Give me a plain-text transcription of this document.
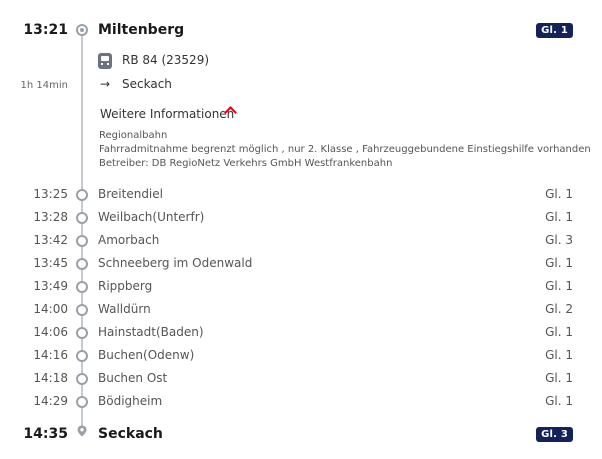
13:21 Miltenberg	Gl. 1
RB 84 (23529)
1h 14min	→ Seckach
Weitere Informationen
Regionalbahn
Fahrradmitnahme begrenzt möglich , nur 2. Klasse , Fahrzeuggebundene Einstiegshilfe vorhanden
Betreiber: DB RegioNetz Verkehrs GmbH Westfrankenbahn
13:25	Breitendiel	Gl. 1
13:28	Weilbach(Unterfr)	Gl. 1
13:42	Amorbach	Gl. 3
13:45	Schneeberg im Odenwald	Gl. 1
13:49	Rippberg	Gl. 1
14:00	Walldürn	Gl. 2
14:06	Hainstadt(Baden)	Gl. 1
14:16	Buchen(Odenw)	Gl. 1
14:18	Buchen Ost	Gl. 1
14:29	Bödigheim	Gl. 1
14:35 Seckach	Gl. 3
